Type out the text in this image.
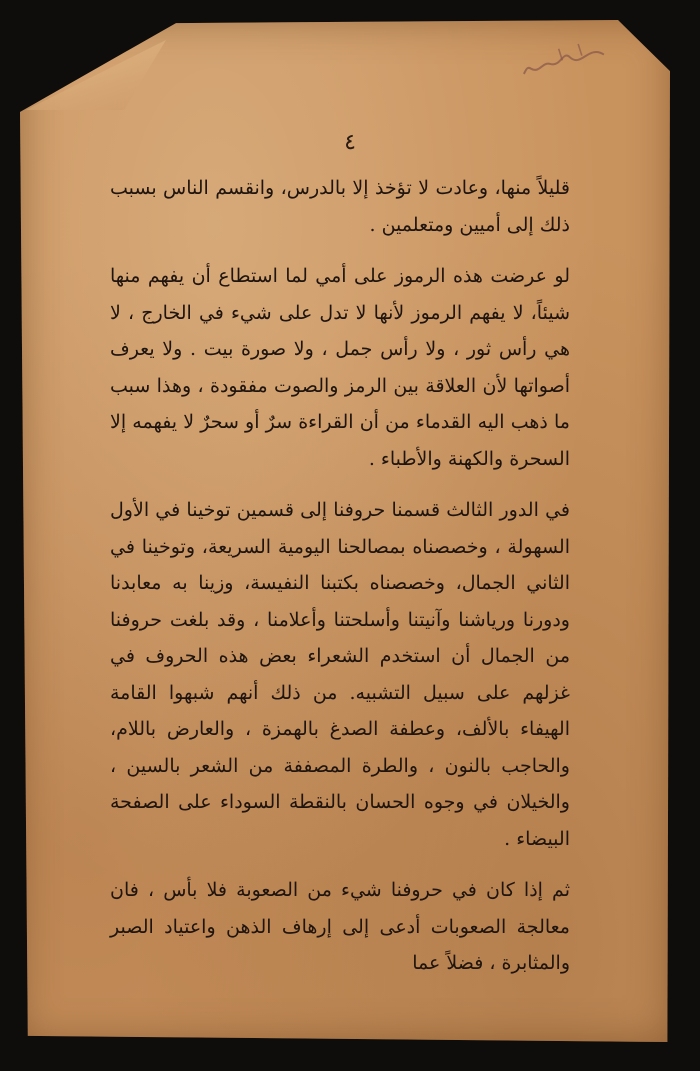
٤

قليلاً منها، وعادت لا تؤخذ إلا بالدرس، وانقسم الناس بسبب ذلك إلى أميين ومتعلمين .

لو عرضت هذه الرموز على أمي لما استطاع أن يفهم منها شيئاً، لا يفهم الرموز لأنها لا تدل على شيء في الخارج ، لا هي رأس ثور ، ولا رأس جمل ، ولا صورة بيت . ولا يعرف أصواتها لأن العلاقة بين الرمز والصوت مفقودة ، وهذا سبب ما ذهب اليه القدماء من أن القراءة سرٌ أو سحرٌ لا يفهمه إلا السحرة والكهنة والأطباء .

في الدور الثالث قسمنا حروفنا إلى قسمين توخينا في الأول السهولة ، وخصصناه بمصالحنا اليومية السريعة، وتوخينا في الثاني الجمال، وخصصناه بكتبنا النفيسة، وزينا به معابدنا ودورنا ورياشنا وآنيتنا وأسلحتنا وأعلامنا ، وقد بلغت حروفنا من الجمال أن استخدم الشعراء بعض هذه الحروف في غزلهم على سبيل التشبيه. من ذلك أنهم شبهوا القامة الهيفاء بالألف، وعطفة الصدغ بالهمزة ، والعارض باللام، والحاجب بالنون ، والطرة المصففة من الشعر بالسين ، والخيلان في وجوه الحسان بالنقطة السوداء على الصفحة البيضاء .

ثم إذا كان في حروفنا شيء من الصعوبة فلا بأس ، فان معالجة الصعوبات أدعى إلى إرهاف الذهن واعتياد الصبر والمثابرة ، فضلاً عما
